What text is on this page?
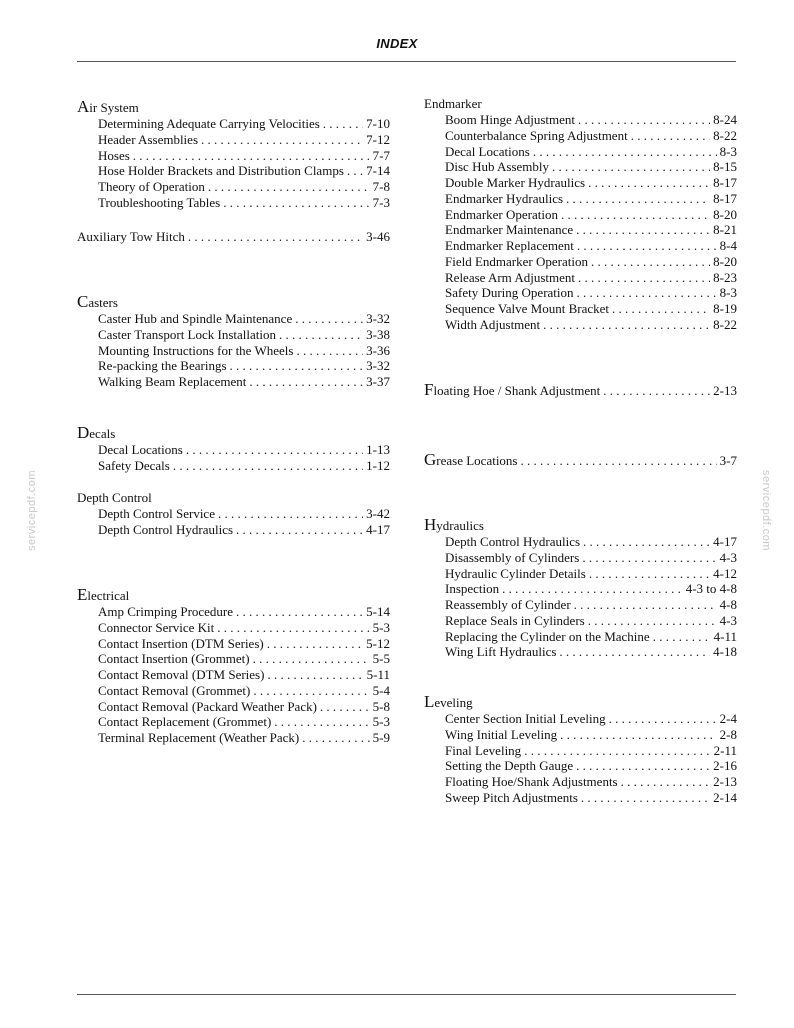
INDEX
servicepdf.com	servicepdf.com
Air System
Determining Adequate Carrying Velocities . . .	7-10
Header Assemblies . . .	7-12
Hoses . . .	7-7
Hose Holder Brackets and Distribution Clamps . . . 7-14
Theory of Operation . . .	7-8
Troubleshooting Tables . . .	7-3
Auxiliary Tow Hitch . . .	3-46
Casters
Caster Hub and Spindle Maintenance . . .	3-32
Caster Transport Lock Installation . . .	3-38
Mounting Instructions for the Wheels . . .	3-36
Re-packing the Bearings . . .	3-32
Walking Beam Replacement . . .	3-37
Decals
Decal Locations . . .	1-13
Safety Decals . . .	1-12
Depth Control
Depth Control Service . . .	3-42
Depth Control Hydraulics . . .	4-17
Electrical
Amp Crimping Procedure . . .	5-14
Connector Service Kit . . .	5-3
Contact Insertion (DTM Series) . . .	5-12
Contact Insertion (Grommet) . . .	5-5
Contact Removal (DTM Series) . . .	5-11
Contact Removal (Grommet) . . .	5-4
Contact Removal (Packard Weather Pack) . . .	5-8
Contact Replacement (Grommet) . . .	5-3
Terminal Replacement (Weather Pack) . . .	5-9
Endmarker
Boom Hinge Adjustment . . .	8-24
Counterbalance Spring Adjustment . . .	8-22
Decal Locations . . .	8-3
Disc Hub Assembly . . .	8-15
Double Marker Hydraulics . . .	8-17
Endmarker Hydraulics . . .	8-17
Endmarker Operation . . .	8-20
Endmarker Maintenance . . .	8-21
Endmarker Replacement . . .	8-4
Field Endmarker Operation . . .	8-20
Release Arm Adjustment . . .	8-23
Safety During Operation . . .	8-3
Sequence Valve Mount Bracket . . .	8-19
Width Adjustment . . .	8-22
Floating Hoe / Shank Adjustment . . .	2-13
Grease Locations . . .	3-7
Hydraulics
Depth Control Hydraulics . . .	4-17
Disassembly of Cylinders . . .	4-3
Hydraulic Cylinder Details . . .	4-12
Inspection . . .	4-3 to 4-8
Reassembly of Cylinder . . .	4-8
Replace Seals in Cylinders . . .	4-3
Replacing the Cylinder on the Machine . . .	4-11
Wing Lift Hydraulics . . .	4-18
Leveling
Center Section Initial Leveling . . .	2-4
Wing Initial Leveling . . .	2-8
Final Leveling . . .	2-11
Setting the Depth Gauge . . .	2-16
Floating Hoe/Shank Adjustments . . .	2-13
Sweep Pitch Adjustments . . .	2-14
